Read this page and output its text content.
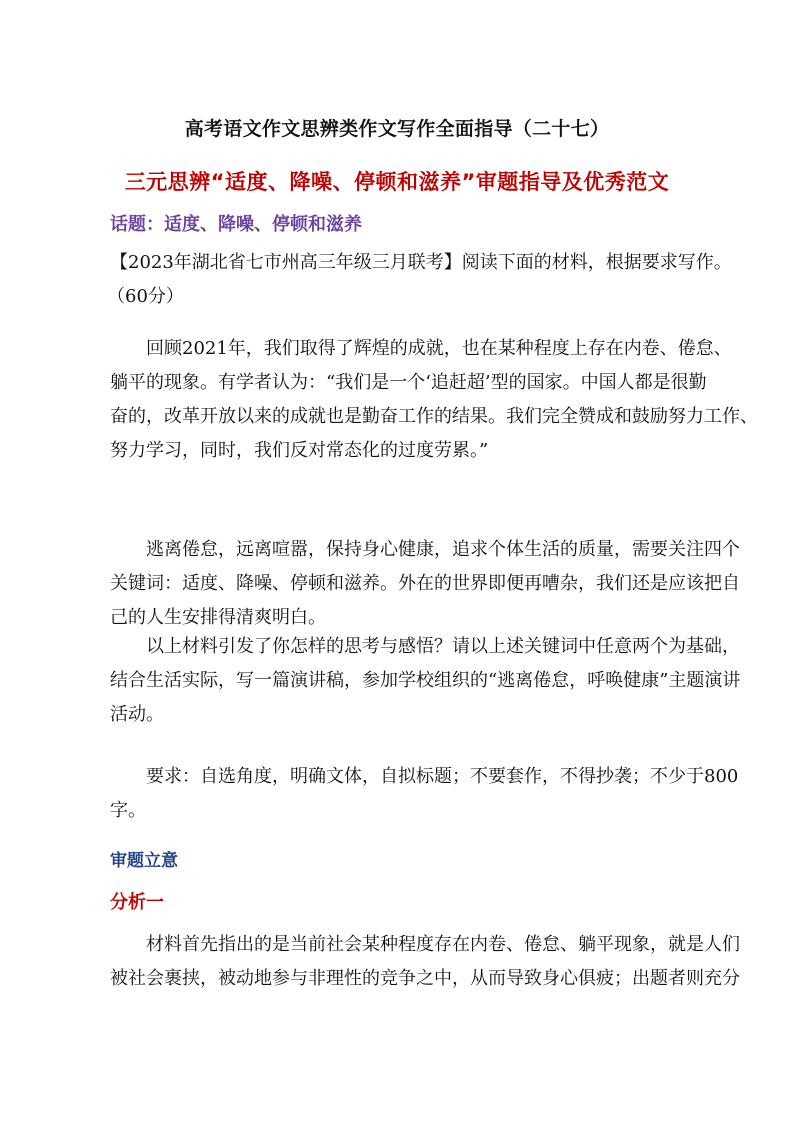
高考语文作文思辨类作文写作全面指导（二十七）
三元思辨“适度、降噪、停顿和滋养”审题指导及优秀范文
话题：适度、降噪、停顿和滋养
【2023年湖北省七市州高三年级三月联考】阅读下面的材料，根据要求写作。
（60分）
回顾2021年，我们取得了辉煌的成就，也在某种程度上存在内卷、倦怠、
躺平的现象。有学者认为：“我们是一个‘追赶超’型的国家。中国人都是很勤
奋的，改革开放以来的成就也是勤奋工作的结果。我们完全赞成和鼓励努力工作、
努力学习，同时，我们反对常态化的过度劳累。”
逃离倦怠，远离喧嚣，保持身心健康，追求个体生活的质量，需要关注四个
关键词：适度、降噪、停顿和滋养。外在的世界即便再嘈杂，我们还是应该把自
己的人生安排得清爽明白。
以上材料引发了你怎样的思考与感悟？请以上述关键词中任意两个为基础，
结合生活实际，写一篇演讲稿，参加学校组织的“逃离倦怠，呼唤健康”主题演讲
活动。
要求：自选角度，明确文体，自拟标题；不要套作，不得抄袭；不少于800
字。
审题立意
分析一
材料首先指出的是当前社会某种程度存在内卷、倦怠、躺平现象，就是人们
被社会裹挟，被动地参与非理性的竞争之中，从而导致身心俱疲；出题者则充分
